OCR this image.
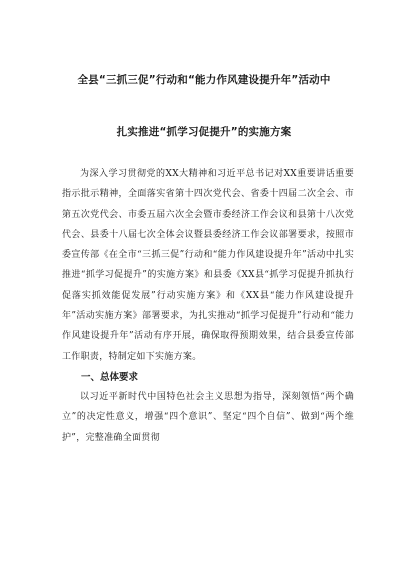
全县“三抓三促”行动和“能力作风建设提升年”活动中
扎实推进“抓学习促提升”的实施方案

为深入学习贯彻党的XX大精神和习近平总书记对XX重要讲话重要指示批示精神，全面落实省第十四次党代会、省委十四届二次全会、市第五次党代会、市委五届六次全会暨市委经济工作会议和县第十八次党代会、县委十八届七次全体会议暨县委经济工作会议部署要求，按照市委宣传部《在全市“三抓三促”行动和“能力作风建设提升年”活动中扎实推进“抓学习促提升”的实施方案》和县委《XX县“抓学习促提升抓执行促落实抓效能促发展”行动实施方案》和《XX县“能力作风建设提升年”活动实施方案》部署要求，为扎实推动“抓学习促提升”行动和“能力作风建设提升年”活动有序开展，确保取得预期效果，结合县委宣传部工作职责，特制定如下实施方案。

一、总体要求

以习近平新时代中国特色社会主义思想为指导，深刻领悟“两个确立”的决定性意义，增强“四个意识”、坚定“四个自信”、做到“两个维护”，完整准确全面贯彻
